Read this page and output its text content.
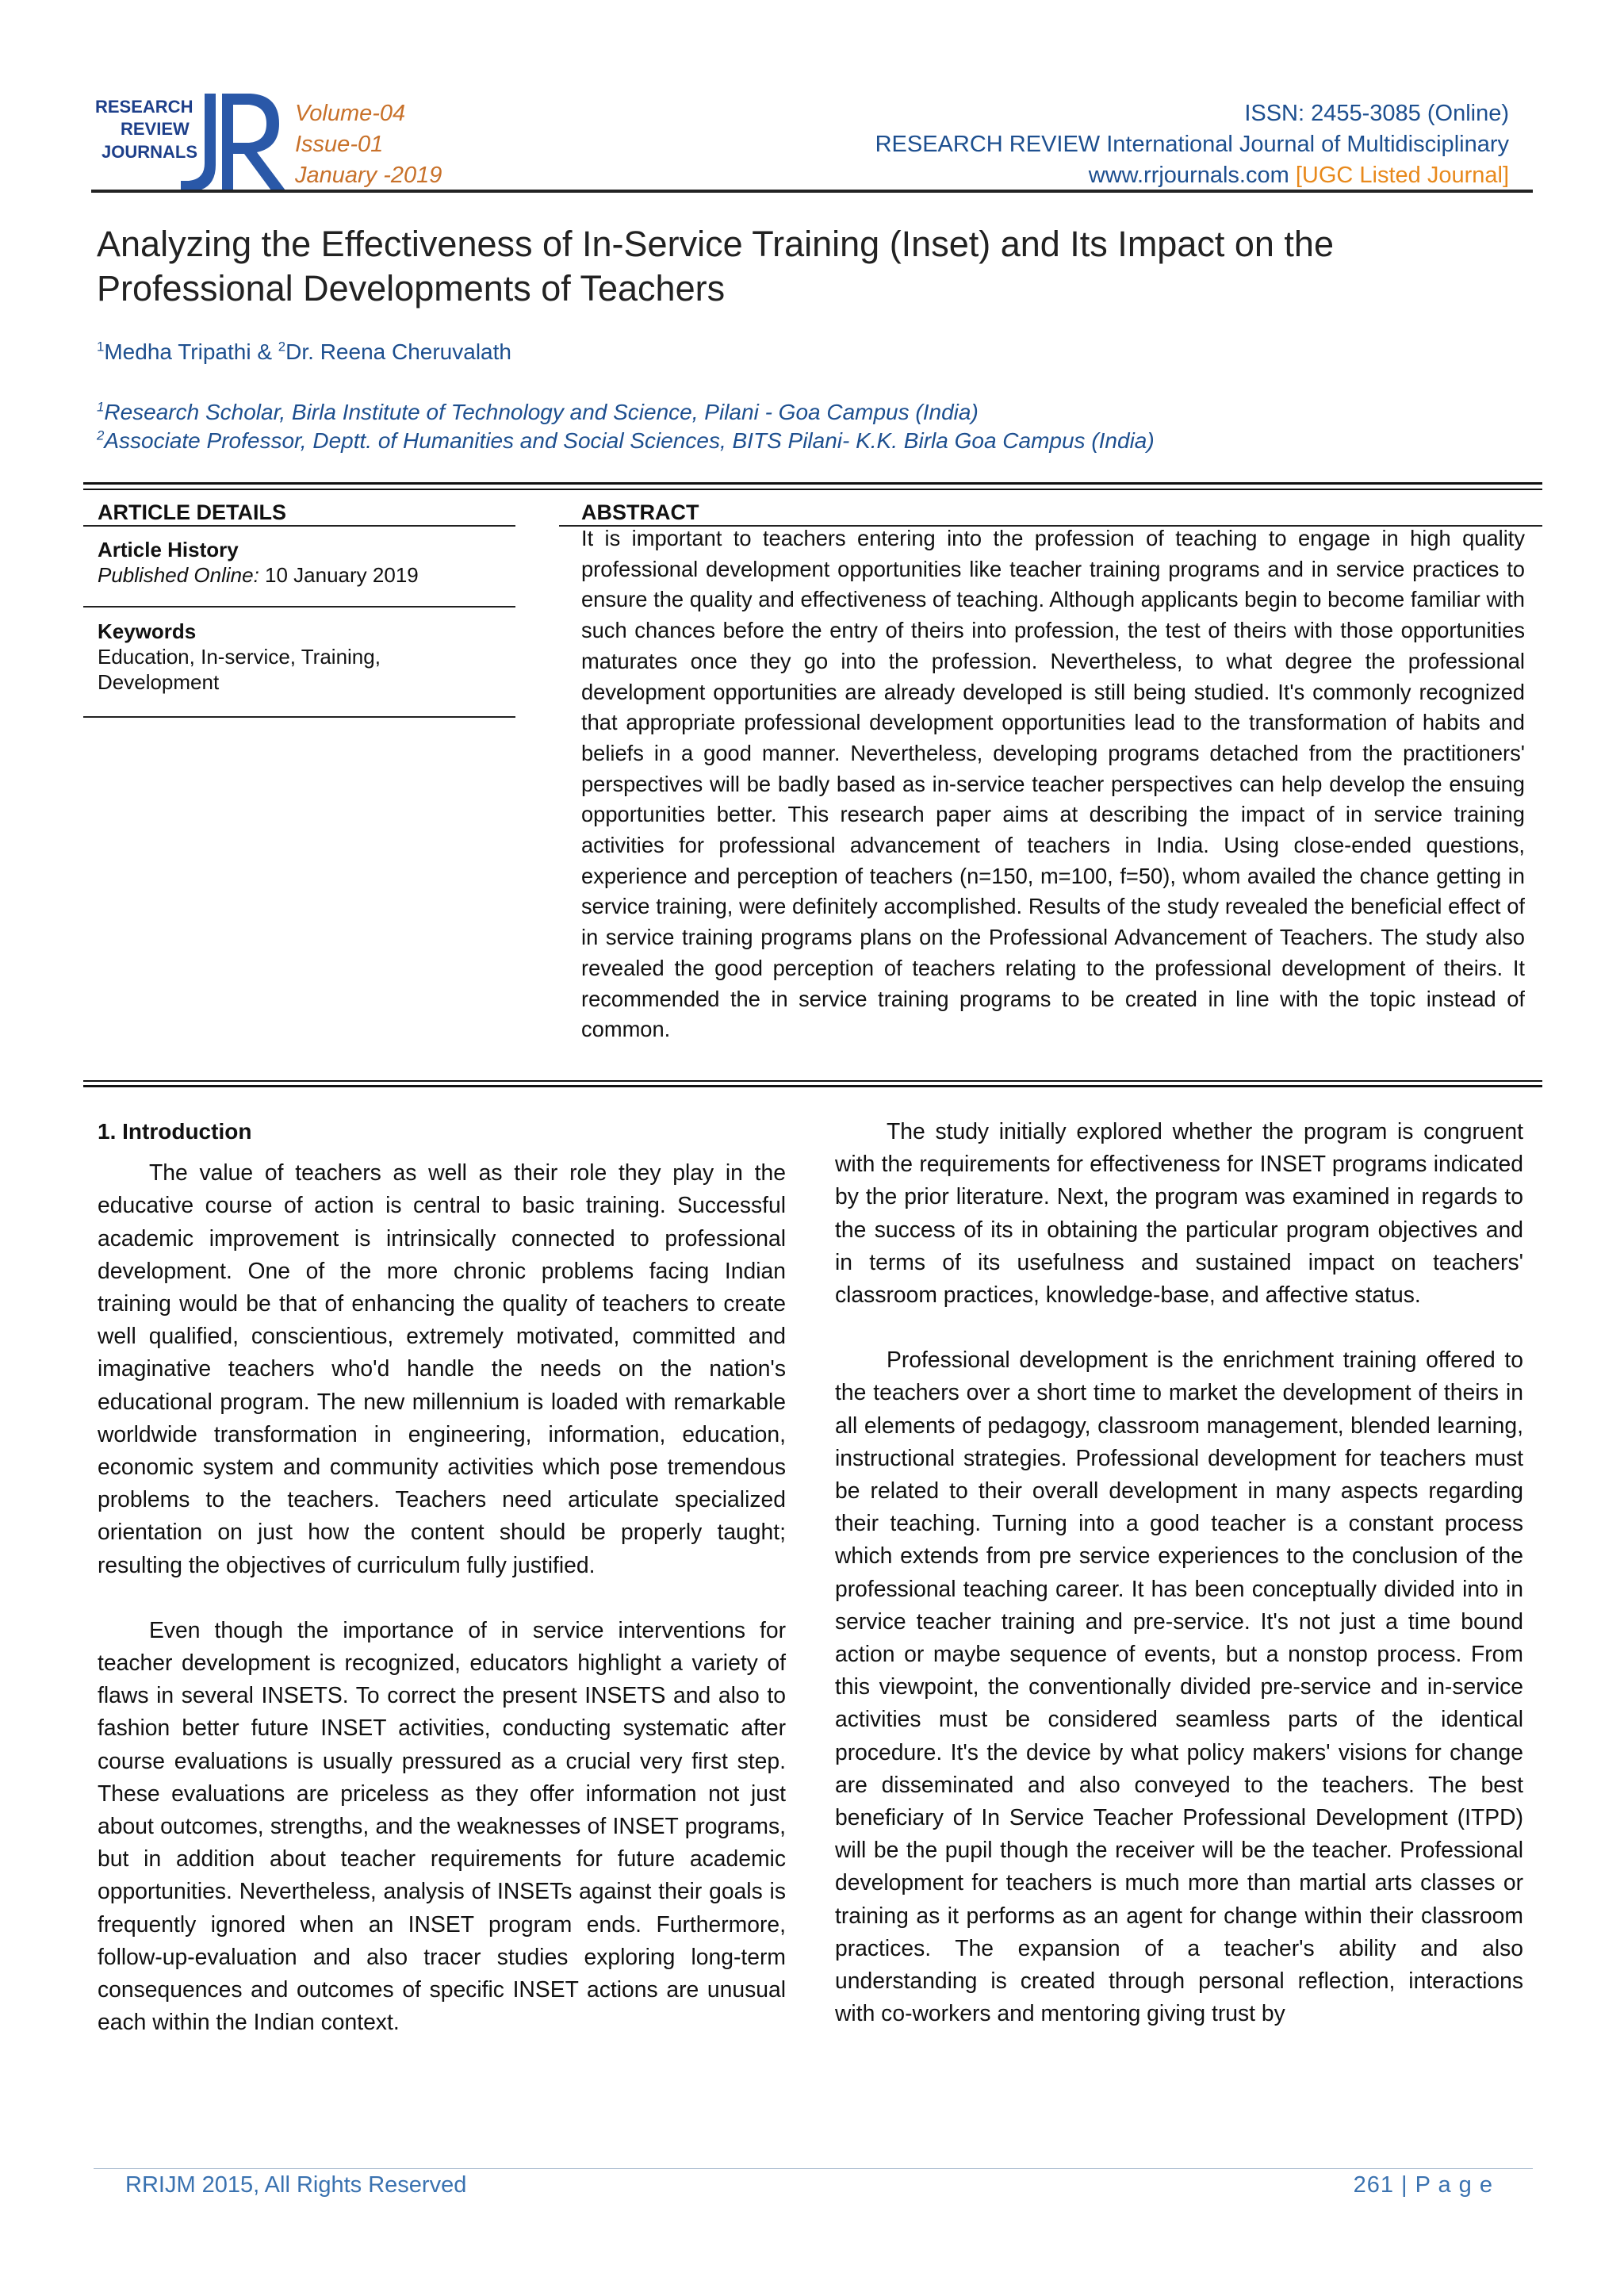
RESEARCH
REVIEW
JOURNALS
R
Volume-04
Issue-01
January -2019
ISSN: 2455-3085 (Online)
RESEARCH REVIEW International Journal of Multidisciplinary
www.rrjournals.com [UGC Listed Journal]
Analyzing the Effectiveness of In-Service Training (Inset) and Its Impact on the
Professional Developments of Teachers
$^1$Medha Tripathi & $^2$Dr. Reena Cheruvalath
$^1$Research Scholar, Birla Institute of Technology and Science, Pilani - Goa Campus (India)
$^2$Associate Professor, Deptt. of Humanities and Social Sciences, BITS Pilani- K.K. Birla Goa Campus (India)
ARTICLE DETAILS
Article History
Published Online: 10 January 2019
Keywords
Education, In-service, Training,
Development
ABSTRACT
It is important to teachers entering into the profession of teaching to engage in high quality professional development opportunities like teacher training programs and in service practices to ensure the quality and effectiveness of teaching. Although applicants begin to become familiar with such chances before the entry of theirs into profession, the test of theirs with those opportunities maturates once they go into the profession. Nevertheless, to what degree the professional development opportunities are already developed is still being studied. It's commonly recognized that appropriate professional development opportunities lead to the transformation of habits and beliefs in a good manner. Nevertheless, developing programs detached from the practitioners' perspectives will be badly based as in-service teacher perspectives can help develop the ensuing opportunities better. This research paper aims at describing the impact of in service training activities for professional advancement of teachers in India. Using close-ended questions, experience and perception of teachers (n=150, m=100, f=50), whom availed the chance getting in service training, were definitely accomplished. Results of the study revealed the beneficial effect of in service training programs plans on the Professional Advancement of Teachers. The study also revealed the good perception of teachers relating to the professional development of theirs. It recommended the in service training programs to be created in line with the topic instead of common.
1. Introduction

The value of teachers as well as their role they play in the educative course of action is central to basic training. Successful academic improvement is intrinsically connected to professional development. One of the more chronic problems facing Indian training would be that of enhancing the quality of teachers to create well qualified, conscientious, extremely motivated, committed and imaginative teachers who'd handle the needs on the nation's educational program. The new millennium is loaded with remarkable worldwide transformation in engineering, information, education, economic system and community activities which pose tremendous problems to the teachers. Teachers need articulate specialized orientation on just how the content should be properly taught; resulting the objectives of curriculum fully justified.

Even though the importance of in service interventions for teacher development is recognized, educators highlight a variety of flaws in several INSETS. To correct the present INSETS and also to fashion better future INSET activities, conducting systematic after course evaluations is usually pressured as a crucial very first step. These evaluations are priceless as they offer information not just about outcomes, strengths, and the weaknesses of INSET programs, but in addition about teacher requirements for future academic opportunities. Nevertheless, analysis of INSETs against their goals is frequently ignored when an INSET program ends. Furthermore, follow-up-evaluation and also tracer studies exploring long-term consequences and outcomes of specific INSET actions are unusual each within the Indian context.

The study initially explored whether the program is congruent with the requirements for effectiveness for INSET programs indicated by the prior literature. Next, the program was examined in regards to the success of its in obtaining the particular program objectives and in terms of its usefulness and sustained impact on teachers' classroom practices, knowledge-base, and affective status.

Professional development is the enrichment training offered to the teachers over a short time to market the development of theirs in all elements of pedagogy, classroom management, blended learning, instructional strategies. Professional development for teachers must be related to their overall development in many aspects regarding their teaching. Turning into a good teacher is a constant process which extends from pre service experiences to the conclusion of the professional teaching career. It has been conceptually divided into in service teacher training and pre-service. It's not just a time bound action or maybe sequence of events, but a nonstop process. From this viewpoint, the conventionally divided pre-service and in-service activities must be considered seamless parts of the identical procedure. It's the device by what policy makers' visions for change are disseminated and also conveyed to the teachers. The best beneficiary of In Service Teacher Professional Development (ITPD) will be the pupil though the receiver will be the teacher. Professional development for teachers is much more than martial arts classes or training as it performs as an agent for change within their classroom practices. The expansion of a teacher's ability and also understanding is created through personal reflection, interactions with co-workers and mentoring giving trust by

RRIJM 2015, All Rights Reserved	261 | P a g e
